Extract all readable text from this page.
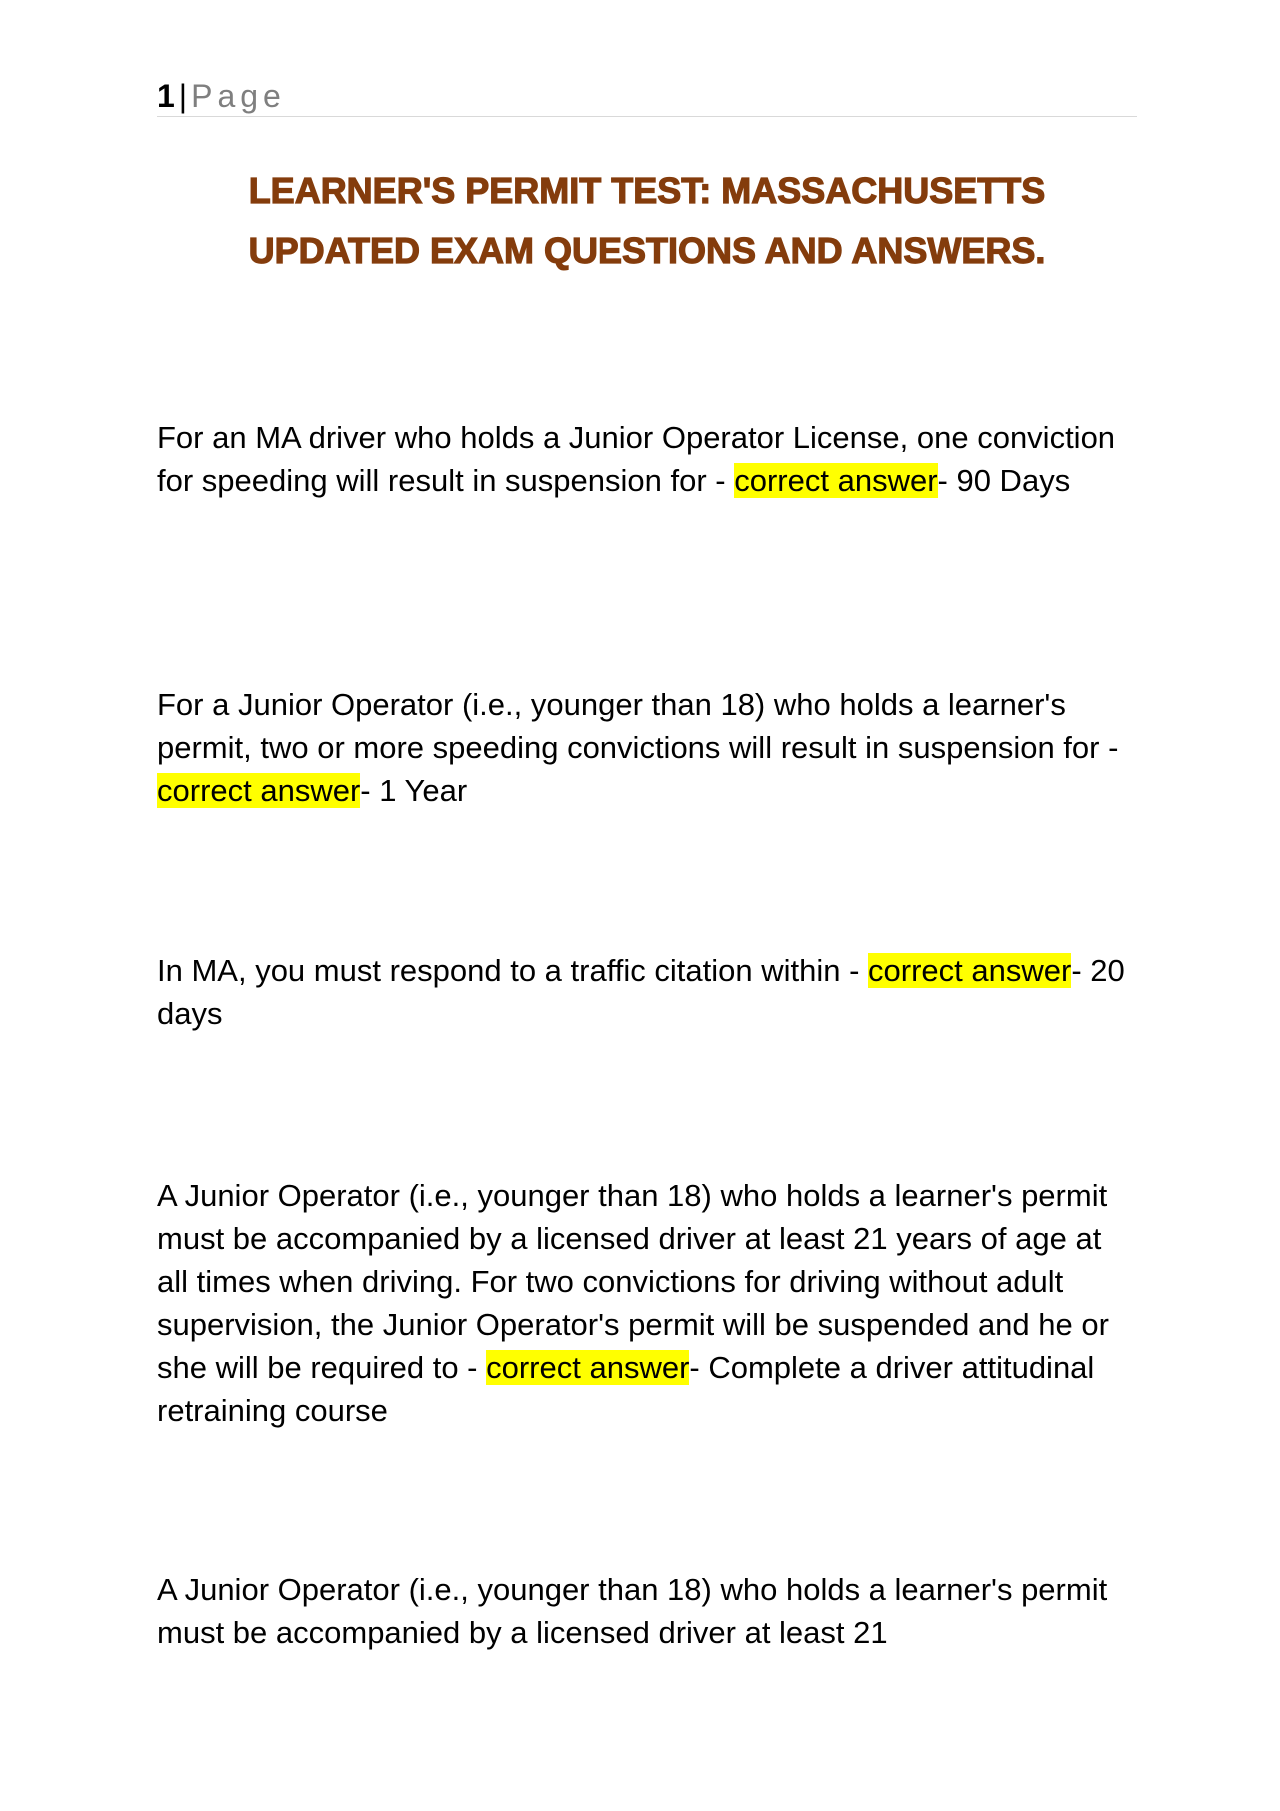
1 | Page
LEARNER'S PERMIT TEST: MASSACHUSETTS
UPDATED EXAM QUESTIONS AND ANSWERS.
For an MA driver who holds a Junior Operator License, one conviction for speeding will result in suspension for - correct answer- 90 Days
For a Junior Operator (i.e., younger than 18) who holds a learner's permit, two or more speeding convictions will result in suspension for - correct answer- 1 Year
In MA, you must respond to a traffic citation within - correct answer- 20 days
A Junior Operator (i.e., younger than 18) who holds a learner's permit must be accompanied by a licensed driver at least 21 years of age at all times when driving. For two convictions for driving without adult supervision, the Junior Operator's permit will be suspended and he or she will be required to - correct answer- Complete a driver attitudinal retraining course
A Junior Operator (i.e., younger than 18) who holds a learner's permit must be accompanied by a licensed driver at least 21
